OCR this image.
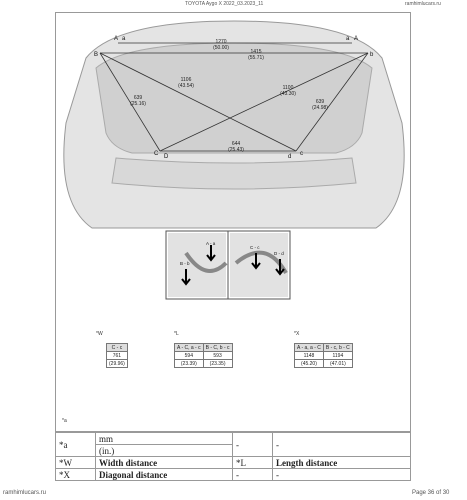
TOYOTA Aygo X 2022_03.2023_11	ramhimlucars.ru
A a
B
a A
b
C D	d c
1270
(50.00)
1415
(55.71)
1106
(43.54)	1100
(43.30)
639
(25.16)	639
(24.98)
644
(25.43)
A - a
B - b
C - c
D - d
*W
C - c
761
(29.96)
*L
A - C, a - c	B - C, b - c
594	593
(23.39)	(23.35)
*X
A - a, a - C	B - c, b - C
1148	1194
(45.20)	(47.01)
*a
*a	mm	-	-
	(in.)		
*W	Width distance	*L	Length distance
*X	Diagonal distance	-	-
ramhimlucars.ru	Page 36 of 30
